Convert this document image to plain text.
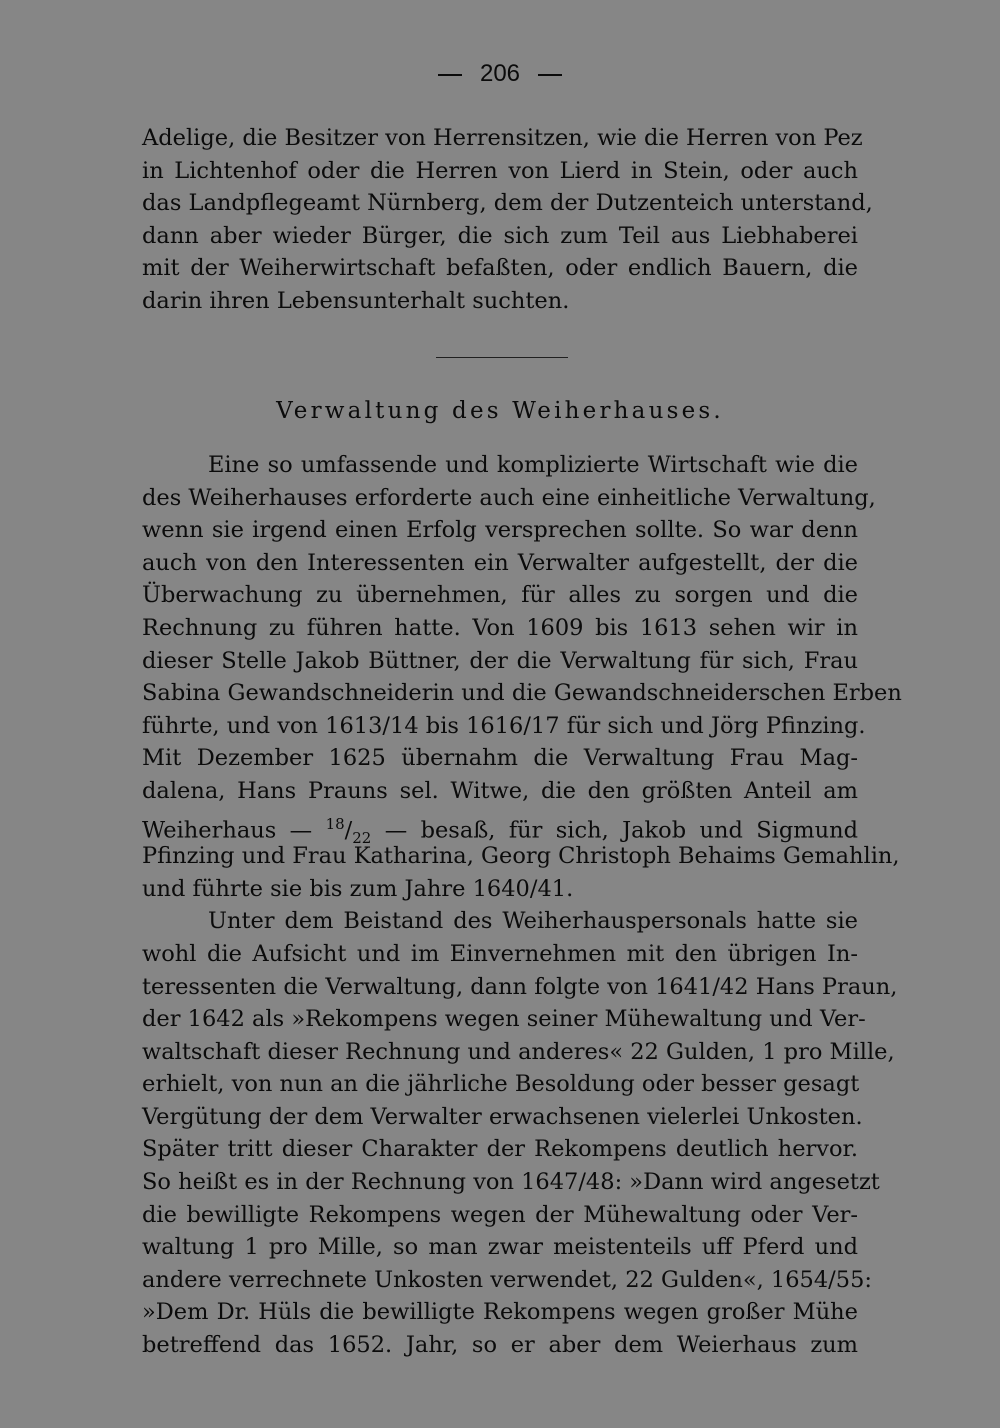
206
Adelige, die Besitzer von Herrensitzen, wie die Herren von Pez
in Lichtenhof oder die Herren von Lierd in Stein, oder auch
das Landpflegeamt Nürnberg, dem der Dutzenteich unterstand,
dann aber wieder Bürger, die sich zum Teil aus Liebhaberei
mit der Weiherwirtschaft befaßten, oder endlich Bauern, die
darin ihren Lebensunterhalt suchten.
Verwaltung des Weiherhauses.
Eine so umfassende und komplizierte Wirtschaft wie die
des Weiherhauses erforderte auch eine einheitliche Verwaltung,
wenn sie irgend einen Erfolg versprechen sollte. So war denn
auch von den Interessenten ein Verwalter aufgestellt, der die
Überwachung zu übernehmen, für alles zu sorgen und die
Rechnung zu führen hatte. Von 1609 bis 1613 sehen wir in
dieser Stelle Jakob Büttner, der die Verwaltung für sich, Frau
Sabina Gewandschneiderin und die Gewandschneiderschen Erben
führte, und von 1613/14 bis 1616/17 für sich und Jörg Pfinzing.
Mit Dezember 1625 übernahm die Verwaltung Frau Mag-
dalena, Hans Prauns sel. Witwe, die den größten Anteil am
Weiherhaus — $^{18}/_{22}$ — besaß, für sich, Jakob und Sigmund
Pfinzing und Frau Katharina, Georg Christoph Behaims Gemahlin,
und führte sie bis zum Jahre 1640/41.
Unter dem Beistand des Weiherhauspersonals hatte sie
wohl die Aufsicht und im Einvernehmen mit den übrigen In-
teressenten die Verwaltung, dann folgte von 1641/42 Hans Praun,
der 1642 als »Rekompens wegen seiner Mühewaltung und Ver-
waltschaft dieser Rechnung und anderes« 22 Gulden, 1 pro Mille,
erhielt, von nun an die jährliche Besoldung oder besser gesagt
Vergütung der dem Verwalter erwachsenen vielerlei Unkosten.
Später tritt dieser Charakter der Rekompens deutlich hervor.
So heißt es in der Rechnung von 1647/48: »Dann wird angesetzt
die bewilligte Rekompens wegen der Mühewaltung oder Ver-
waltung 1 pro Mille, so man zwar meistenteils uff Pferd und
andere verrechnete Unkosten verwendet, 22 Gulden«, 1654/55:
»Dem Dr. Hüls die bewilligte Rekompens wegen großer Mühe
betreffend das 1652. Jahr, so er aber dem Weierhaus zum
